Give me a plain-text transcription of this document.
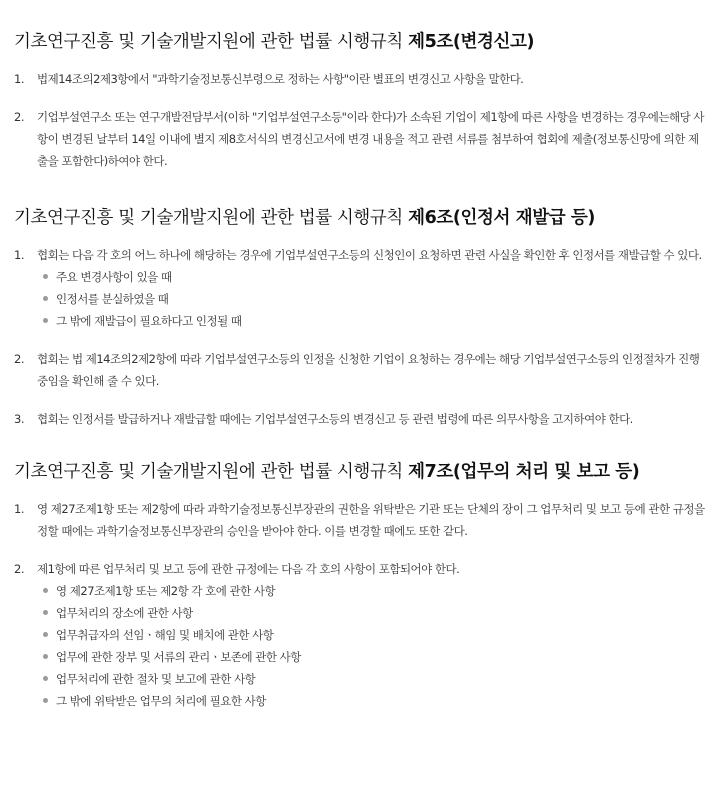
기초연구진흥 및 기술개발지원에 관한 법률 시행규칙 제5조(변경신고)
1. 법제14조의2제3항에서 "과학기술정보통신부령으로 정하는 사항"이란 별표의 변경신고 사항을 말한다.
2. 기업부설연구소 또는 연구개발전담부서(이하 "기업부설연구소등"이라 한다)가 소속된 기업이 제1항에 따른 사항을 변경하는 경우에는해당 사항이 변경된 날부터 14일 이내에 별지 제8호서식의 변경신고서에 변경 내용을 적고 관련 서류를 첨부하여 협회에 제출(정보통신망에 의한 제출을 포함한다)하여야 한다.
기초연구진흥 및 기술개발지원에 관한 법률 시행규칙 제6조(인정서 재발급 등)
1. 협회는 다음 각 호의 어느 하나에 해당하는 경우에 기업부설연구소등의 신청인이 요청하면 관련 사실을 확인한 후 인정서를 재발급할 수 있다.
주요 변경사항이 있을 때
인정서를 분실하였을 때
그 밖에 재발급이 필요하다고 인정될 때
2. 협회는 법 제14조의2제2항에 따라 기업부설연구소등의 인정을 신청한 기업이 요청하는 경우에는 해당 기업부설연구소등의 인정절차가 진행 중임을 확인해 줄 수 있다.
3. 협회는 인정서를 발급하거나 재발급할 때에는 기업부설연구소등의 변경신고 등 관련 법령에 따른 의무사항을 고지하여야 한다.
기초연구진흥 및 기술개발지원에 관한 법률 시행규칙 제7조(업무의 처리 및 보고 등)
1. 영 제27조제1항 또는 제2항에 따라 과학기술정보통신부장관의 권한을 위탁받은 기관 또는 단체의 장이 그 업무처리 및 보고 등에 관한 규정을 정할 때에는 과학기술정보통신부장관의 승인을 받아야 한다. 이를 변경할 때에도 또한 같다.
2. 제1항에 따른 업무처리 및 보고 등에 관한 규정에는 다음 각 호의 사항이 포함되어야 한다.
영 제27조제1항 또는 제2항 각 호에 관한 사항
업무처리의 장소에 관한 사항
업무취급자의 선임ㆍ해임 및 배치에 관한 사항
업무에 관한 장부 및 서류의 관리ㆍ보존에 관한 사항
업무처리에 관한 절차 및 보고에 관한 사항
그 밖에 위탁받은 업무의 처리에 필요한 사항
